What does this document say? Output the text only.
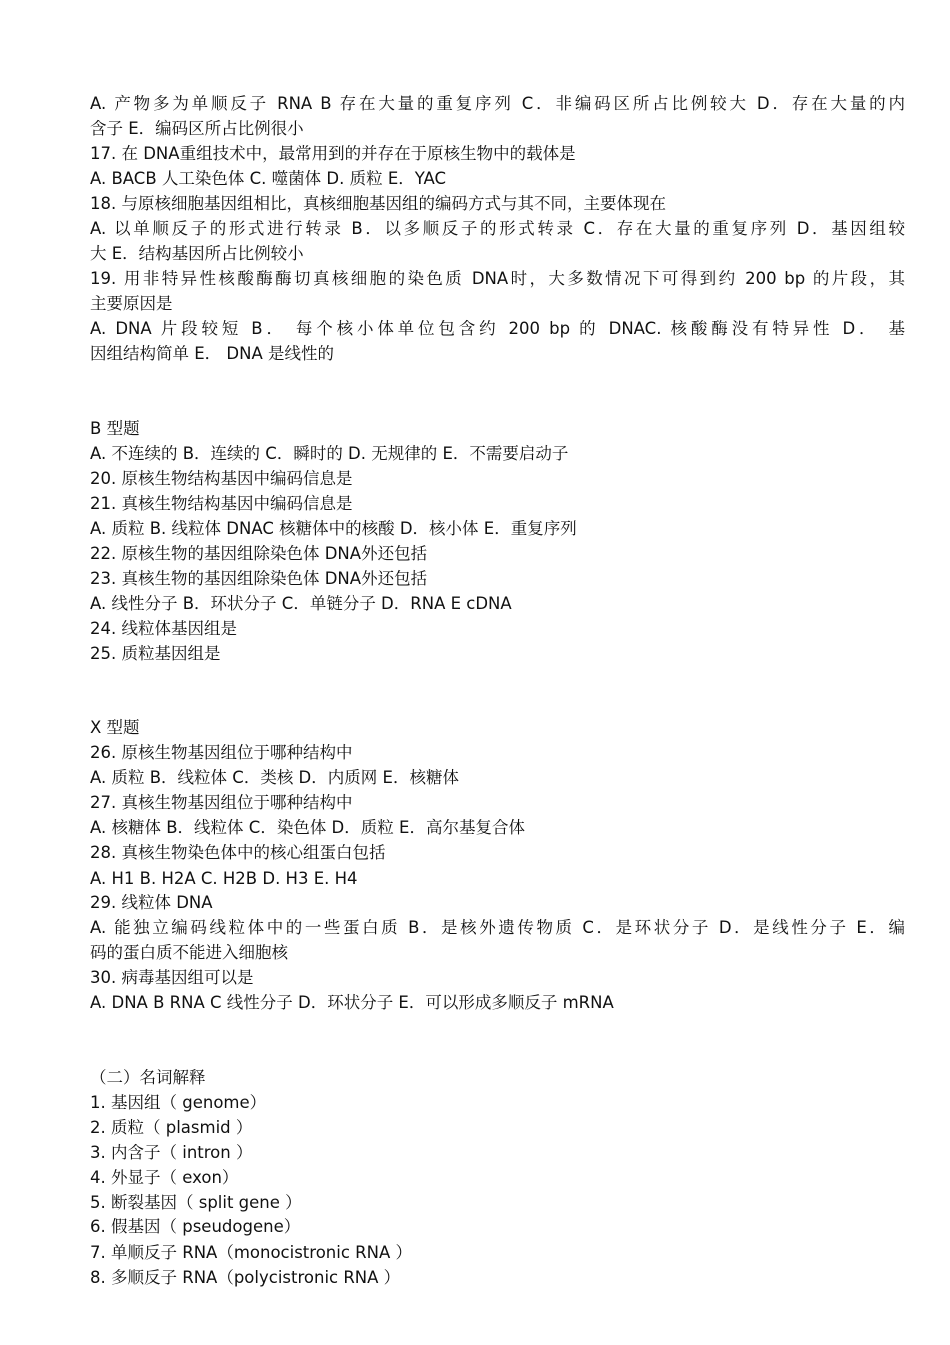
A. 产物多为单顺反子 RNA B 存在大量的重复序列 C．非编码区所占比例较大 D．存在大量的内
含子 E．编码区所占比例很小
17. 在 DNA重组技术中，最常用到的并存在于原核生物中的载体是
A. BACB 人工染色体 C. 噬菌体 D. 质粒 E．YAC
18. 与原核细胞基因组相比，真核细胞基因组的编码方式与其不同，主要体现在
A. 以单顺反子的形式进行转录 B．以多顺反子的形式转录 C．存在大量的重复序列 D．基因组较
大 E．结构基因所占比例较小
19. 用非特异性核酸酶酶切真核细胞的染色质 DNA时，大多数情况下可得到约 200 bp 的片段，其
主要原因是
A. DNA 片段较短 B． 每个核小体单位包含约 200 bp 的 DNAC. 核酸酶没有特异性 D． 基
因组结构简单 E． DNA 是线性的
B 型题
A. 不连续的 B．连续的 C．瞬时的 D. 无规律的 E．不需要启动子
20. 原核生物结构基因中编码信息是
21. 真核生物结构基因中编码信息是
A. 质粒 B. 线粒体 DNAC 核糖体中的核酸 D．核小体 E．重复序列
22. 原核生物的基因组除染色体 DNA外还包括
23. 真核生物的基因组除染色体 DNA外还包括
A. 线性分子 B．环状分子 C．单链分子 D．RNA E cDNA
24. 线粒体基因组是
25. 质粒基因组是
X 型题
26. 原核生物基因组位于哪种结构中
A. 质粒 B．线粒体 C．类核 D．内质网 E．核糖体
27. 真核生物基因组位于哪种结构中
A. 核糖体 B．线粒体 C．染色体 D．质粒 E．高尔基复合体
28. 真核生物染色体中的核心组蛋白包括
A. H1 B. H2A C. H2B D. H3 E. H4
29. 线粒体 DNA
A. 能独立编码线粒体中的一些蛋白质 B．是核外遗传物质 C．是环状分子 D．是线性分子 E．编
码的蛋白质不能进入细胞核
30. 病毒基因组可以是
A. DNA B RNA C 线性分子 D．环状分子 E．可以形成多顺反子 mRNA
（二）名词解释
1. 基因组（ genome）
2. 质粒（ plasmid ）
3. 内含子（ intron ）
4. 外显子（ exon）
5. 断裂基因（ split gene ）
6. 假基因（ pseudogene）
7. 单顺反子 RNA（monocistronic RNA ）
8. 多顺反子 RNA（polycistronic RNA ）
